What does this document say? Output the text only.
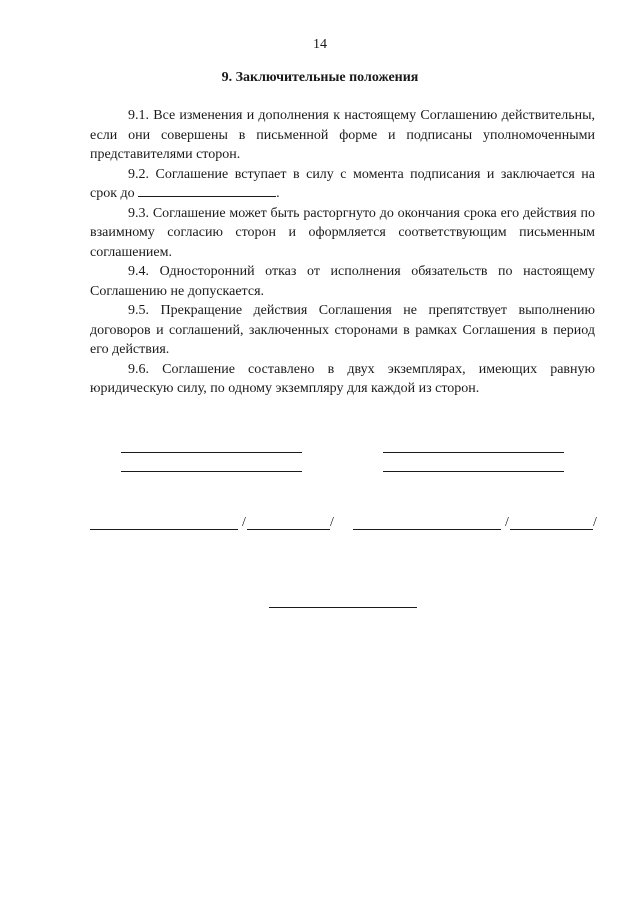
14
9. Заключительные положения

9.1. Все изменения и дополнения к настоящему Соглашению действительны, если они совершены в письменной форме и подписаны уполномоченными представителями сторон.

9.2. Соглашение вступает в силу с момента подписания и заключается на срок до	.

9.3. Соглашение может быть расторгнуто до окончания срока его действия по взаимному согласию сторон и оформляется соответствующим письменным соглашением.

9.4. Односторонний отказ от исполнения обязательств по настоящему Соглашению не допускается.

9.5. Прекращение действия Соглашения не препятствует выполнению договоров и соглашений, заключенных сторонами в рамках Соглашения в период его действия.

9.6. Соглашение составлено в двух экземплярах, имеющих равную юридическую силу, по одному экземпляру для каждой из сторон.

/	/	/	/
